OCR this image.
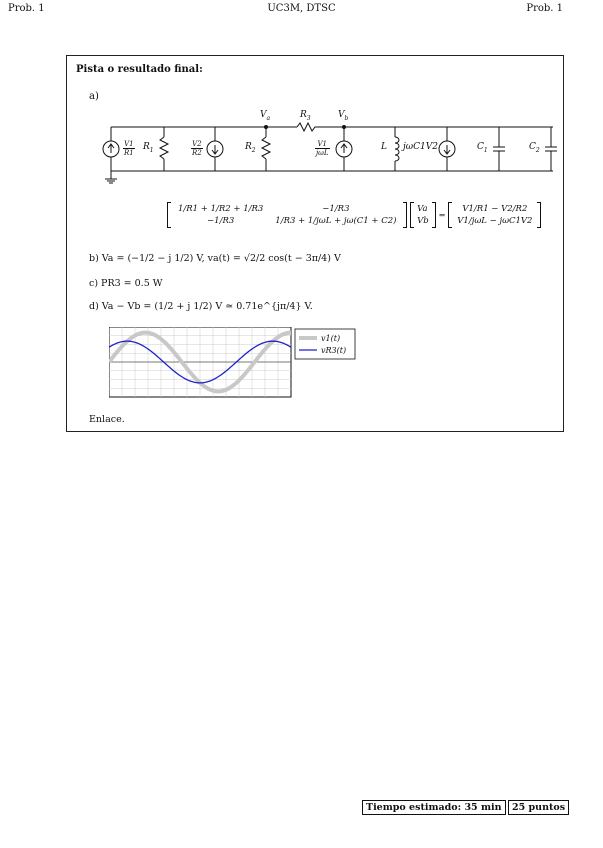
Prob. 1	UC3M, DTSC	Prob. 1
Pista o resultado final:
a)
$V_a$	$R_3$	$V_b$
$\frac{V1}{R1} R_1$	$\frac{V2}{R2}$	$R_2$	$\frac{V1}{\text{jωL}}$	L jωC1V2	$C_1$	$C_2$
1/R1 + 1/R2 + 1/R3	−1/R3
−1/R3	1/R3 + 1/jωL + jω(C1 + C2)

Va
Vb
=
V1/R1 − V2/R2
V1/jωL − jωC1V2
b) Va = (−1/2 − j 1/2) V, va(t) = √2/2 cos(t − 3π/4) V
c) PR3 = 0.5 W
d) Va − Vb = (1/2 + j 1/2) V ≃ 0.71e^{jπ/4} V.
v1(t)
vR3(t)
Enlace.
Tiempo estimado: 35 min	25 puntos
